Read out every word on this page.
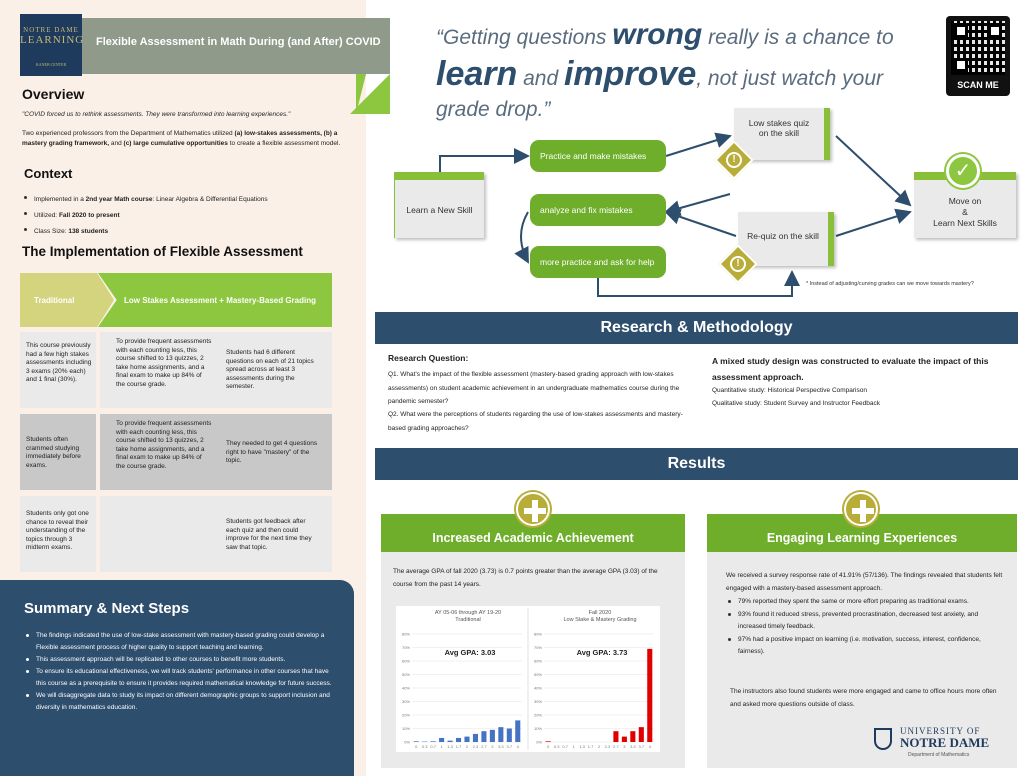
NOTRE DAME
LEARNING
KANEB CENTER
Flexible Assessment in Math During (and After) COVID
Overview
"COVID forced us to rethink assessments. They were transformed into learning experiences."
Two experienced professors from the Department of Mathematics utilized (a) low-stakes assessments, (b) a mastery grading framework, and (c) large cumulative opportunities to create a flexible assessment model.
Context
Implemented in a 2nd year Math course: Linear Algebra & Differential Equations
Utilized: Fall 2020 to present
Class Size: 138 students
The Implementation of Flexible Assessment
Traditional	Low Stakes Assessment + Mastery-Based Grading
This course previously had a few high stakes assessments including 3 exams (20% each) and 1 final (30%).
To provide frequent assessments with each counting less, this course shifted to 13 quizzes, 2 take home assignments, and a final exam to make up 84% of the course grade.
Students had 6 different questions on each of 21 topics spread across at least 3 assessments during the semester.
Students often crammed studying immediately before exams.
To provide frequent assessments with each counting less, this course shifted to 13 quizzes, 2 take home assignments, and a final exam to make up 84% of the course grade.
They needed to get 4 questions right to have "mastery" of the topic.
Students only got one chance to reveal their understanding of the topics through 3 midterm exams.
Students got feedback after each quiz and then could improve for the next time they saw that topic.
Summary & Next Steps
The findings indicated the use of low-stake assessment with mastery-based grading could develop a Flexible assessment process of higher quality to support teaching and learning.
This assessment approach will be replicated to other courses to benefit more students.
To ensure its educational effectiveness, we will track students' performance in other courses that have this course as a prerequisite to ensure it provides required mathematical knowledge for future success.
We will disaggregate data to study its impact on different demographic groups to support inclusion and diversity in mathematics education.
“Getting questions wrong really is a chance to
learn and improve, not just watch your
grade drop.”
SCAN ME
Learn a New Skill
Practice and make mistakes
analyze and fix mistakes
more practice and ask for help
Low stakes quiz on the skill
Re-quiz on the skill
!
!
Move on
&
Learn Next Skills
✓
* Instead of adjusting/curving grades can we move towards mastery?
Research & Methodology
Research Question:
Q1. What's the impact of the flexible assessment (mastery-based grading approach with low-stakes assessments) on student academic achievement in an undergraduate mathematics course during the pandemic semester?
Q2. What were the perceptions of students regarding the use of low-stakes assessments and mastery-based grading approaches?
A mixed study design was constructed to evaluate the impact of this assessment approach.
Quantitative study: Historical Perspective Comparison
Qualitative study: Student Survey and Instructor Feedback
Results
Increased Academic Achievement
The average GPA of fall 2020 (3.73) is 0.7 points greater than the average GPA (3.03) of the course from the past 14 years.
AY 05-06 through AY 19-20
Traditional
80%
70%
60%
50%
40%
30%
20%
10%
0%
Avg GPA: 3.03
0 0.3 0.7 1 1.3 1.7 2 2.3 2.7 3 3.3 3.7 4
Fall 2020
Low Stake & Mastery Grading
80%
70%
60%
50%
40%
30%
20%
10%
0%
Avg GPA: 3.73
0 0.3 0.7 1 1.3 1.7 2 2.3 2.7 3 3.3 3.7 4
Engaging Learning Experiences
We received a survey response rate of 41.91% (57/136). The findings revealed that students felt engaged with a mastery-based assessment approach.
79% reported they spent the same or more effort preparing as traditional exams.
93% found it reduced stress, prevented procrastination, decreased test anxiety, and increased timely feedback.
97% had a positive impact on learning (i.e. motivation, success, interest, confidence, fairness).
The instructors also found students were more engaged and came to office hours more often and asked more questions outside of class.
UNIVERSITY OF
NOTRE DAME
Department of Mathematics
